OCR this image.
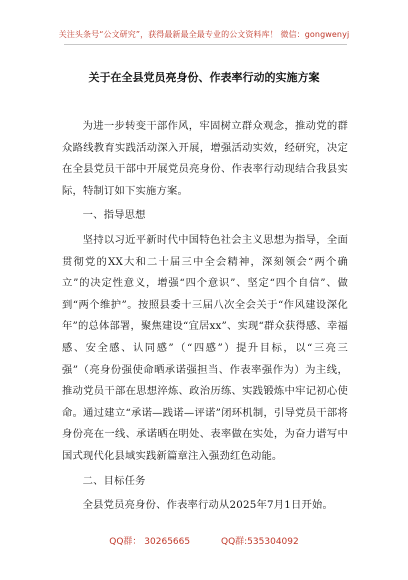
关注头条号“公文研究”，获得最新最全最专业的公文资料库！ 微信：gongwenyj
关于在全县党员亮身份、作表率行动的实施方案

为进一步转变干部作风，牢固树立群众观念，推动党的群众路线教育实践活动深入开展，增强活动实效，经研究，决定在全县党员干部中开展党员亮身份、作表率行动现结合我县实际，特制订如下实施方案。

一、指导思想

坚持以习近平新时代中国特色社会主义思想为指导，全面贯彻党的XX大和二十届三中全会精神，深刻领会“两个确立”的决定性意义，增强“四个意识”、坚定“四个自信”、做到“两个维护”。按照县委十三届八次全会关于“作风建设深化年”的总体部署，聚焦建设“宜居xx”、实现“群众获得感、幸福感、安全感、认同感”（“四感”）提升目标，以“三亮三强”（亮身份强使命晒承诺强担当、作表率强作为）为主线，推动党员干部在思想淬炼、政治历练、实践锻炼中牢记初心使命。通过建立“承诺—践诺—评诺”闭环机制，引导党员干部将身份亮在一线、承诺晒在明处、表率做在实处，为奋力谱写中国式现代化县域实践新篇章注入强劲红色动能。

二、目标任务

全县党员亮身份、作表率行动从2025年7月1日开始。

QQ群： 30265665	QQ群:535304092
